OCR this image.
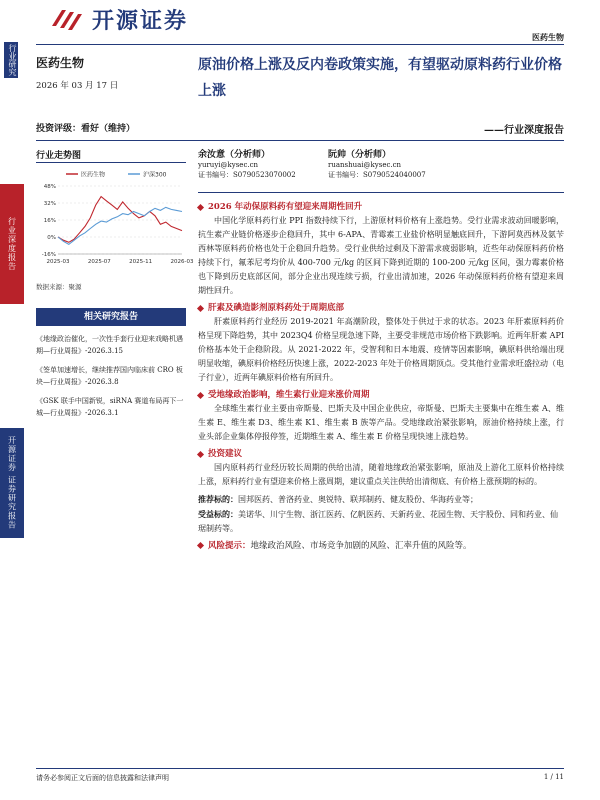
开源证券
医药生物
行业研究
行业深度报告
开源证券 证券研究报告
医药生物
2026 年 03 月 17 日
投资评级：看好（维持）	——行业深度报告
行业走势图
医药生物	沪深300
48%
32%
16%
0%
-16%
2025-03	2025-07	2025-11	2026-03
数据来源：聚源
相关研究报告
《地缘政治催化，一次性手套行业迎来戏略机遇期—行业周报》-2026.3.15
《签单加速增长，继续推荐国内临床前 CRO 板块—行业周报》-2026.3.8
《GSK 联手中国新锐，siRNA 赛道布局再下一城—行业周报》-2026.3.1
原油价格上涨及反内卷政策实施，有望驱动原料药行业价格上涨
余汝意（分析师）
yuruyi@kysec.cn
证书编号：S0790523070002
阮帅（分析师）
ruanshuai@kysec.cn
证书编号：S0790524040007
2026 年动保原料药有望迎来周期性回升

中国化学原料药行业 PPI 指数持续下行，上游原材料价格有上涨趋势。受行业需求波动回暖影响，抗生素产业链价格逐步企稳回升，其中 6-APA、青霉素工业盐价格明显触底回升，下游阿莫西林及氨苄西林等原料药价格也处于企稳回升趋势。受行业供给过剩及下游需求疲弱影响，近些年动保原料药价格持续下行，氟苯尼考均价从 400-700 元/kg 的区间下降到近期的 100-200 元/kg 区间，强力霉素价格也下降到历史底部区间，部分企业出现连续亏损，行业出清加速，2026 年动保原料药价格有望迎来周期性回升。

肝素及碘造影剂原料药处于周期底部

肝素原料药行业经历 2019-2021 年高潮阶段，整体处于供过于求的状态。2023 年肝素原料药价格呈现下降趋势，其中 2023Q4 价格呈现急速下降，主要受非规范市场价格下跌影响。近两年肝素 API 价格基本处于企稳阶段。从 2021-2022 年，受智利和日本地震、疫情等因素影响，碘原料供给端出现明显收缩，碘原料价格经历快速上涨，2022-2023 年处于价格周期顶点。受其他行业需求旺盛拉动（电子行业），近两年碘原料价格有所回升。

受地缘政治影响，维生素行业迎来涨价周期

全球维生素行业主要由帝斯曼、巴斯夫及中国企业供应，帝斯曼、巴斯夫主要集中在维生素 A、维生素 E、维生素 D3、维生素 K1、维生素 B 族等产品。受地缘政治紧张影响，原油价格持续上涨，行业头部企业集体停报停签，近期维生素 A、维生素 E 价格呈现快速上涨趋势。

投资建议

国内原料药行业经历较长周期的供给出清，随着地缘政治紧张影响，原油及上游化工原料价格持续上涨，原料药行业有望迎来价格上涨周期，建议重点关注供给出清彻底、有价格上涨预期的标的。

推荐标的：国邦医药、普洛药业、奥锐特、联邦制药、健友股份、华海药业等；

受益标的：美诺华、川宁生物、浙江医药、亿帆医药、天新药业、花园生物、天宇股份、同和药业、仙琚制药等。

风险提示：地缘政治风险、市场竞争加剧的风险、汇率升值的风险等。
请务必参阅正文后面的信息披露和法律声明	1 / 11
